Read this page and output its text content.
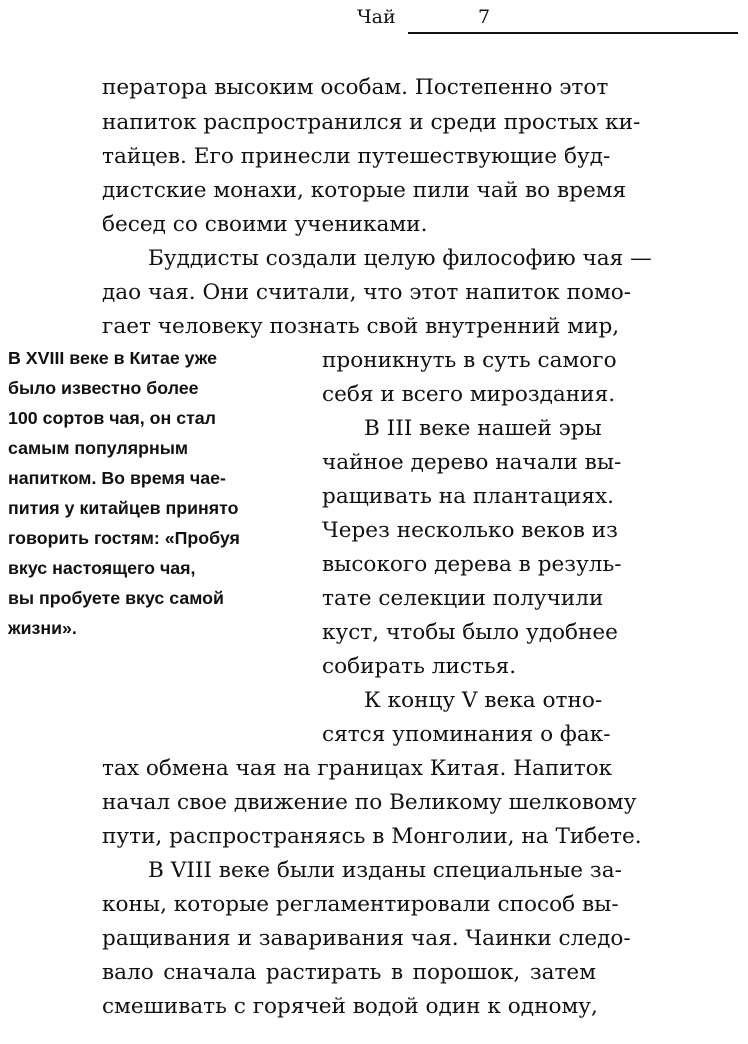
Чай	7
ператора высоким особам. Постепенно этот
напиток распространился и среди простых ки-
тайцев. Его принесли путешествующие буд-
дистские монахи, которые пили чай во время
бесед со своими учениками.
Буддисты создали целую философию чая —
дао чая. Они считали, что этот напиток помо-
гает человеку познать свой внутренний мир,
проникнуть в суть самого
себя и всего мироздания.
В III веке нашей эры
чайное дерево начали вы-
ращивать на плантациях.
Через несколько веков из
высокого дерева в резуль-
тате селекции получили
куст, чтобы было удобнее
собирать листья.
К концу V века отно-
сятся упоминания о фак-
тах обмена чая на границах Китая. Напиток
начал свое движение по Великому шелковому
пути, распространяясь в Монголии, на Тибете.
В VIII веке были изданы специальные за-
коны, которые регламентировали способ вы-
ращивания и заваривания чая. Чаинки следо-
вало сначала растирать в порошок, затем
смешивать с горячей водой один к одному,
В XVIII веке в Китае уже
было известно более
100 сортов чая, он стал
самым популярным
напитком. Во время чае-
пития у китайцев принято
говорить гостям: «Пробуя
вкус настоящего чая,
вы пробуете вкус самой
жизни».
